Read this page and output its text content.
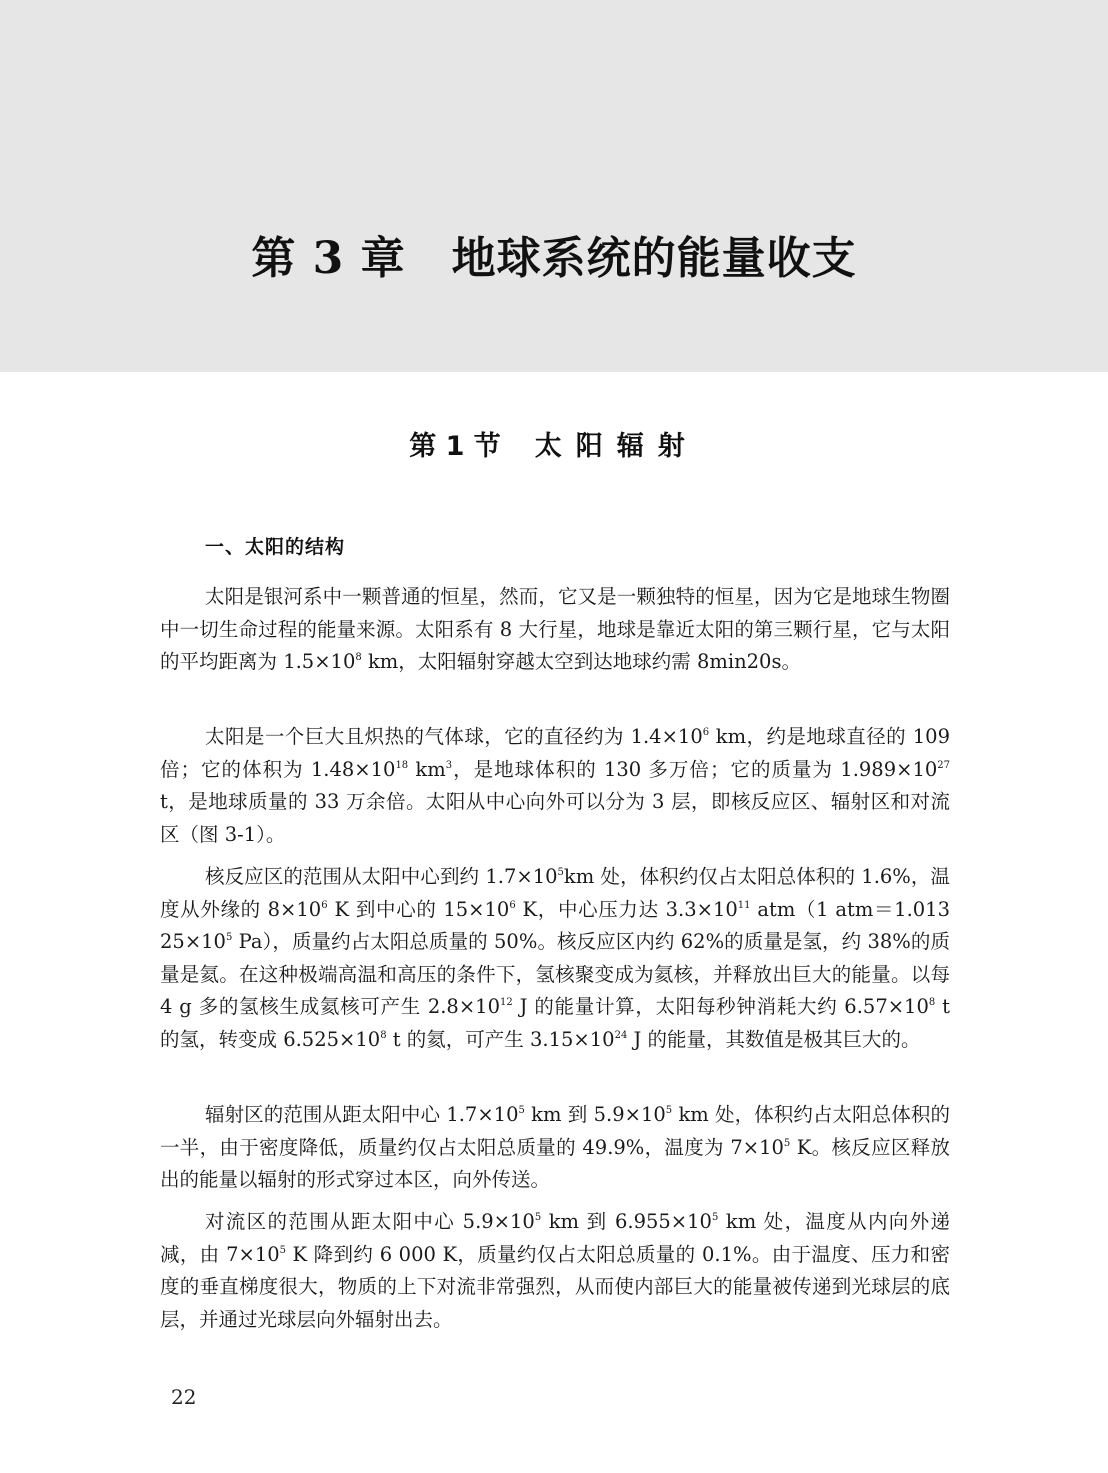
第 3 章 地球系统的能量收支
第 1 节 太阳辐射
一、太阳的结构

太阳是银河系中一颗普通的恒星，然而，它又是一颗独特的恒星，因为它是地球生物圈中一切生命过程的能量来源。太阳系有 8 大行星，地球是靠近太阳的第三颗行星，它与太阳的平均距离为 $1.5\times 10^8$ km，太阳辐射穿越太空到达地球约需 8min20s。

太阳是一个巨大且炽热的气体球，它的直径约为 $1.4\times 10^6$ km，约是地球直径的 109 倍；它的体积为 $1.48\times 10^{18}$ $km^3$，是地球体积的 130 多万倍；它的质量为 $1.989\times 10^{27}$ t，是地球质量的 33 万余倍。太阳从中心向外可以分为 3 层，即核反应区、辐射区和对流区（图 3-1）。

核反应区的范围从太阳中心到约 $1.7\times 10^5km$ 处，体积约仅占太阳总体积的 1.6%，温度从外缘的 $8\times 10^6$ K 到中心的 $15\times 10^6$ K，中心压力达 $3.3\times 10^{11}$ atm（1 atm＝1.013 $25\times 10^5$ Pa），质量约占太阳总质量的 50%。核反应区内约 62%的质量是氢，约 38%的质量是氦。在这种极端高温和高压的条件下，氢核聚变成为氦核，并释放出巨大的能量。以每 4 g 多的氢核生成氦核可产生 $2.8\times 10^{12}$ J 的能量计算，太阳每秒钟消耗大约 $6.57\times 10^8$ t 的氢，转变成 $6.525\times 10^8$ t 的氦，可产生 $3.15\times 10^{24}$ J 的能量，其数值是极其巨大的。

辐射区的范围从距太阳中心 $1.7\times 10^5$ km 到 $5.9\times 10^5$ km 处，体积约占太阳总体积的一半，由于密度降低，质量约仅占太阳总质量的 49.9%，温度为 $7\times 10^5$ K。核反应区释放出的能量以辐射的形式穿过本区，向外传送。

对流区的范围从距太阳中心 $5.9\times 10^5$ km 到 $6.955\times 10^5$ km 处，温度从内向外递减，由 $7\times 10^5$ K 降到约 6 000 K，质量约仅占太阳总质量的 0.1%。由于温度、压力和密度的垂直梯度很大，物质的上下对流非常强烈，从而使内部巨大的能量被传递到光球层的底层，并通过光球层向外辐射出去。

22
